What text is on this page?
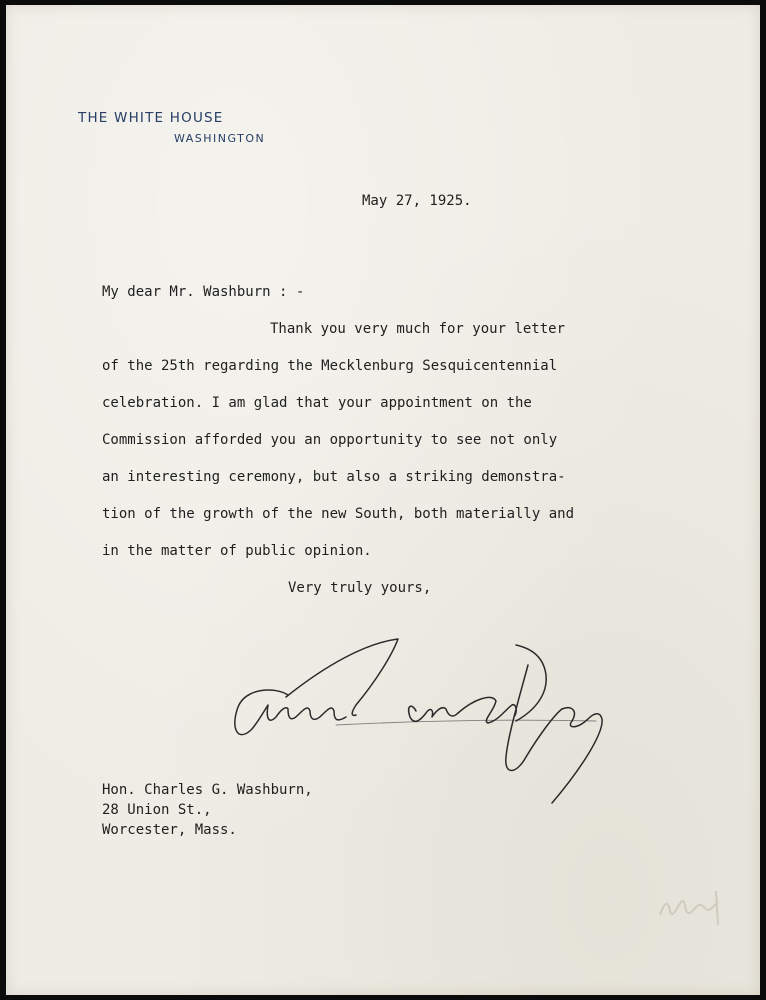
THE WHITE HOUSE
WASHINGTON
May 27, 1925.
My dear Mr. Washburn : -
Thank you very much for your letter
of the 25th regarding the Mecklenburg Sesquicentennial
celebration. I am glad that your appointment on the
Commission afforded you an opportunity to see not only
an interesting ceremony, but also a striking demonstra-
tion of the growth of the new South, both materially and
in the matter of public opinion.
Very truly yours,
Hon. Charles G. Washburn,
28 Union St.,
Worcester, Mass.
